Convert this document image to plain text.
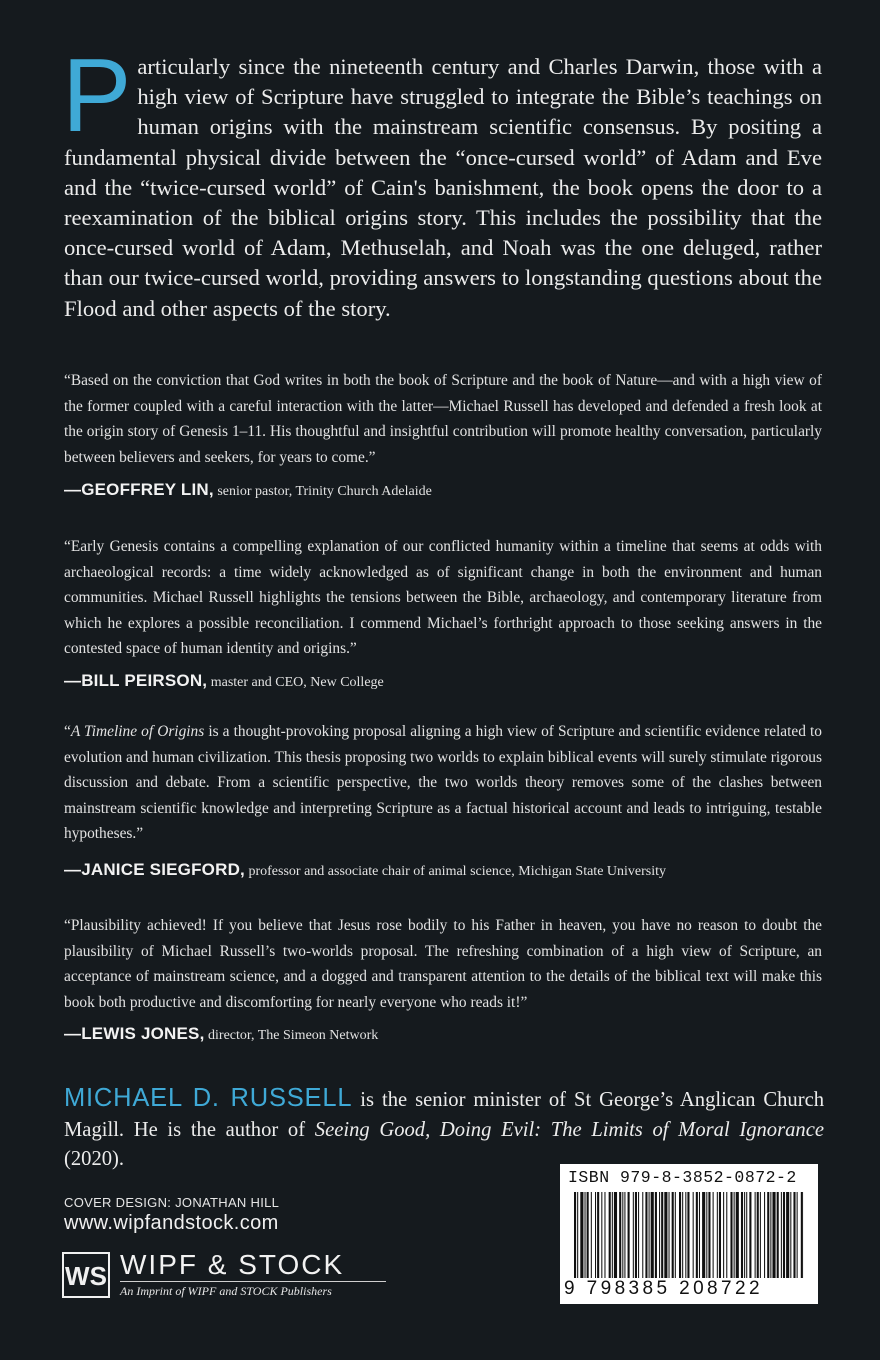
Particularly since the nineteenth century and Charles Darwin, those with a high view of Scripture have struggled to integrate the Bible’s teachings on human origins with the mainstream scientific consensus. By positing a fundamental physical divide between the “once-cursed world” of Adam and Eve and the “twice-cursed world” of Cain's banishment, the book opens the door to a reexamination of the biblical origins story. This includes the possibility that the once-cursed world of Adam, Methuselah, and Noah was the one deluged, rather than our twice-cursed world, providing answers to longstanding questions about the Flood and other aspects of the story.
“Based on the conviction that God writes in both the book of Scripture and the book of Nature—and with a high view of the former coupled with a careful interaction with the latter—Michael Russell has developed and defended a fresh look at the origin story of Genesis 1–11. His thoughtful and insightful contribution will promote healthy conversation, particularly between believers and seekers, for years to come.”
—GEOFFREY LIN, senior pastor, Trinity Church Adelaide
“Early Genesis contains a compelling explanation of our conflicted humanity within a timeline that seems at odds with archaeological records: a time widely acknowledged as of significant change in both the environment and human communities. Michael Russell highlights the tensions between the Bible, archaeology, and contemporary literature from which he explores a possible reconciliation. I commend Michael’s forthright approach to those seeking answers in the contested space of human identity and origins.”
—BILL PEIRSON, master and CEO, New College
“A Timeline of Origins is a thought-provoking proposal aligning a high view of Scripture and scientific evidence related to evolution and human civilization. This thesis proposing two worlds to explain biblical events will surely stimulate rigorous discussion and debate. From a scientific perspective, the two worlds theory removes some of the clashes between mainstream scientific knowledge and interpreting Scripture as a factual historical account and leads to intriguing, testable hypotheses.”
—JANICE SIEGFORD, professor and associate chair of animal science, Michigan State University
“Plausibility achieved! If you believe that Jesus rose bodily to his Father in heaven, you have no reason to doubt the plausibility of Michael Russell’s two-worlds proposal. The refreshing combination of a high view of Scripture, an acceptance of mainstream science, and a dogged and transparent attention to the details of the biblical text will make this book both productive and discomforting for nearly everyone who reads it!”
—LEWIS JONES, director, The Simeon Network
MICHAEL D. RUSSELL is the senior minister of St George’s Anglican Church Magill. He is the author of Seeing Good, Doing Evil: The Limits of Moral Ignorance (2020).
COVER DESIGN: JONATHAN HILL
www.wipfandstock.com
WS WIPF & STOCK
An Imprint of WIPF and STOCK Publishers
ISBN 979-8-3852-0872-2
9 798385 208722
